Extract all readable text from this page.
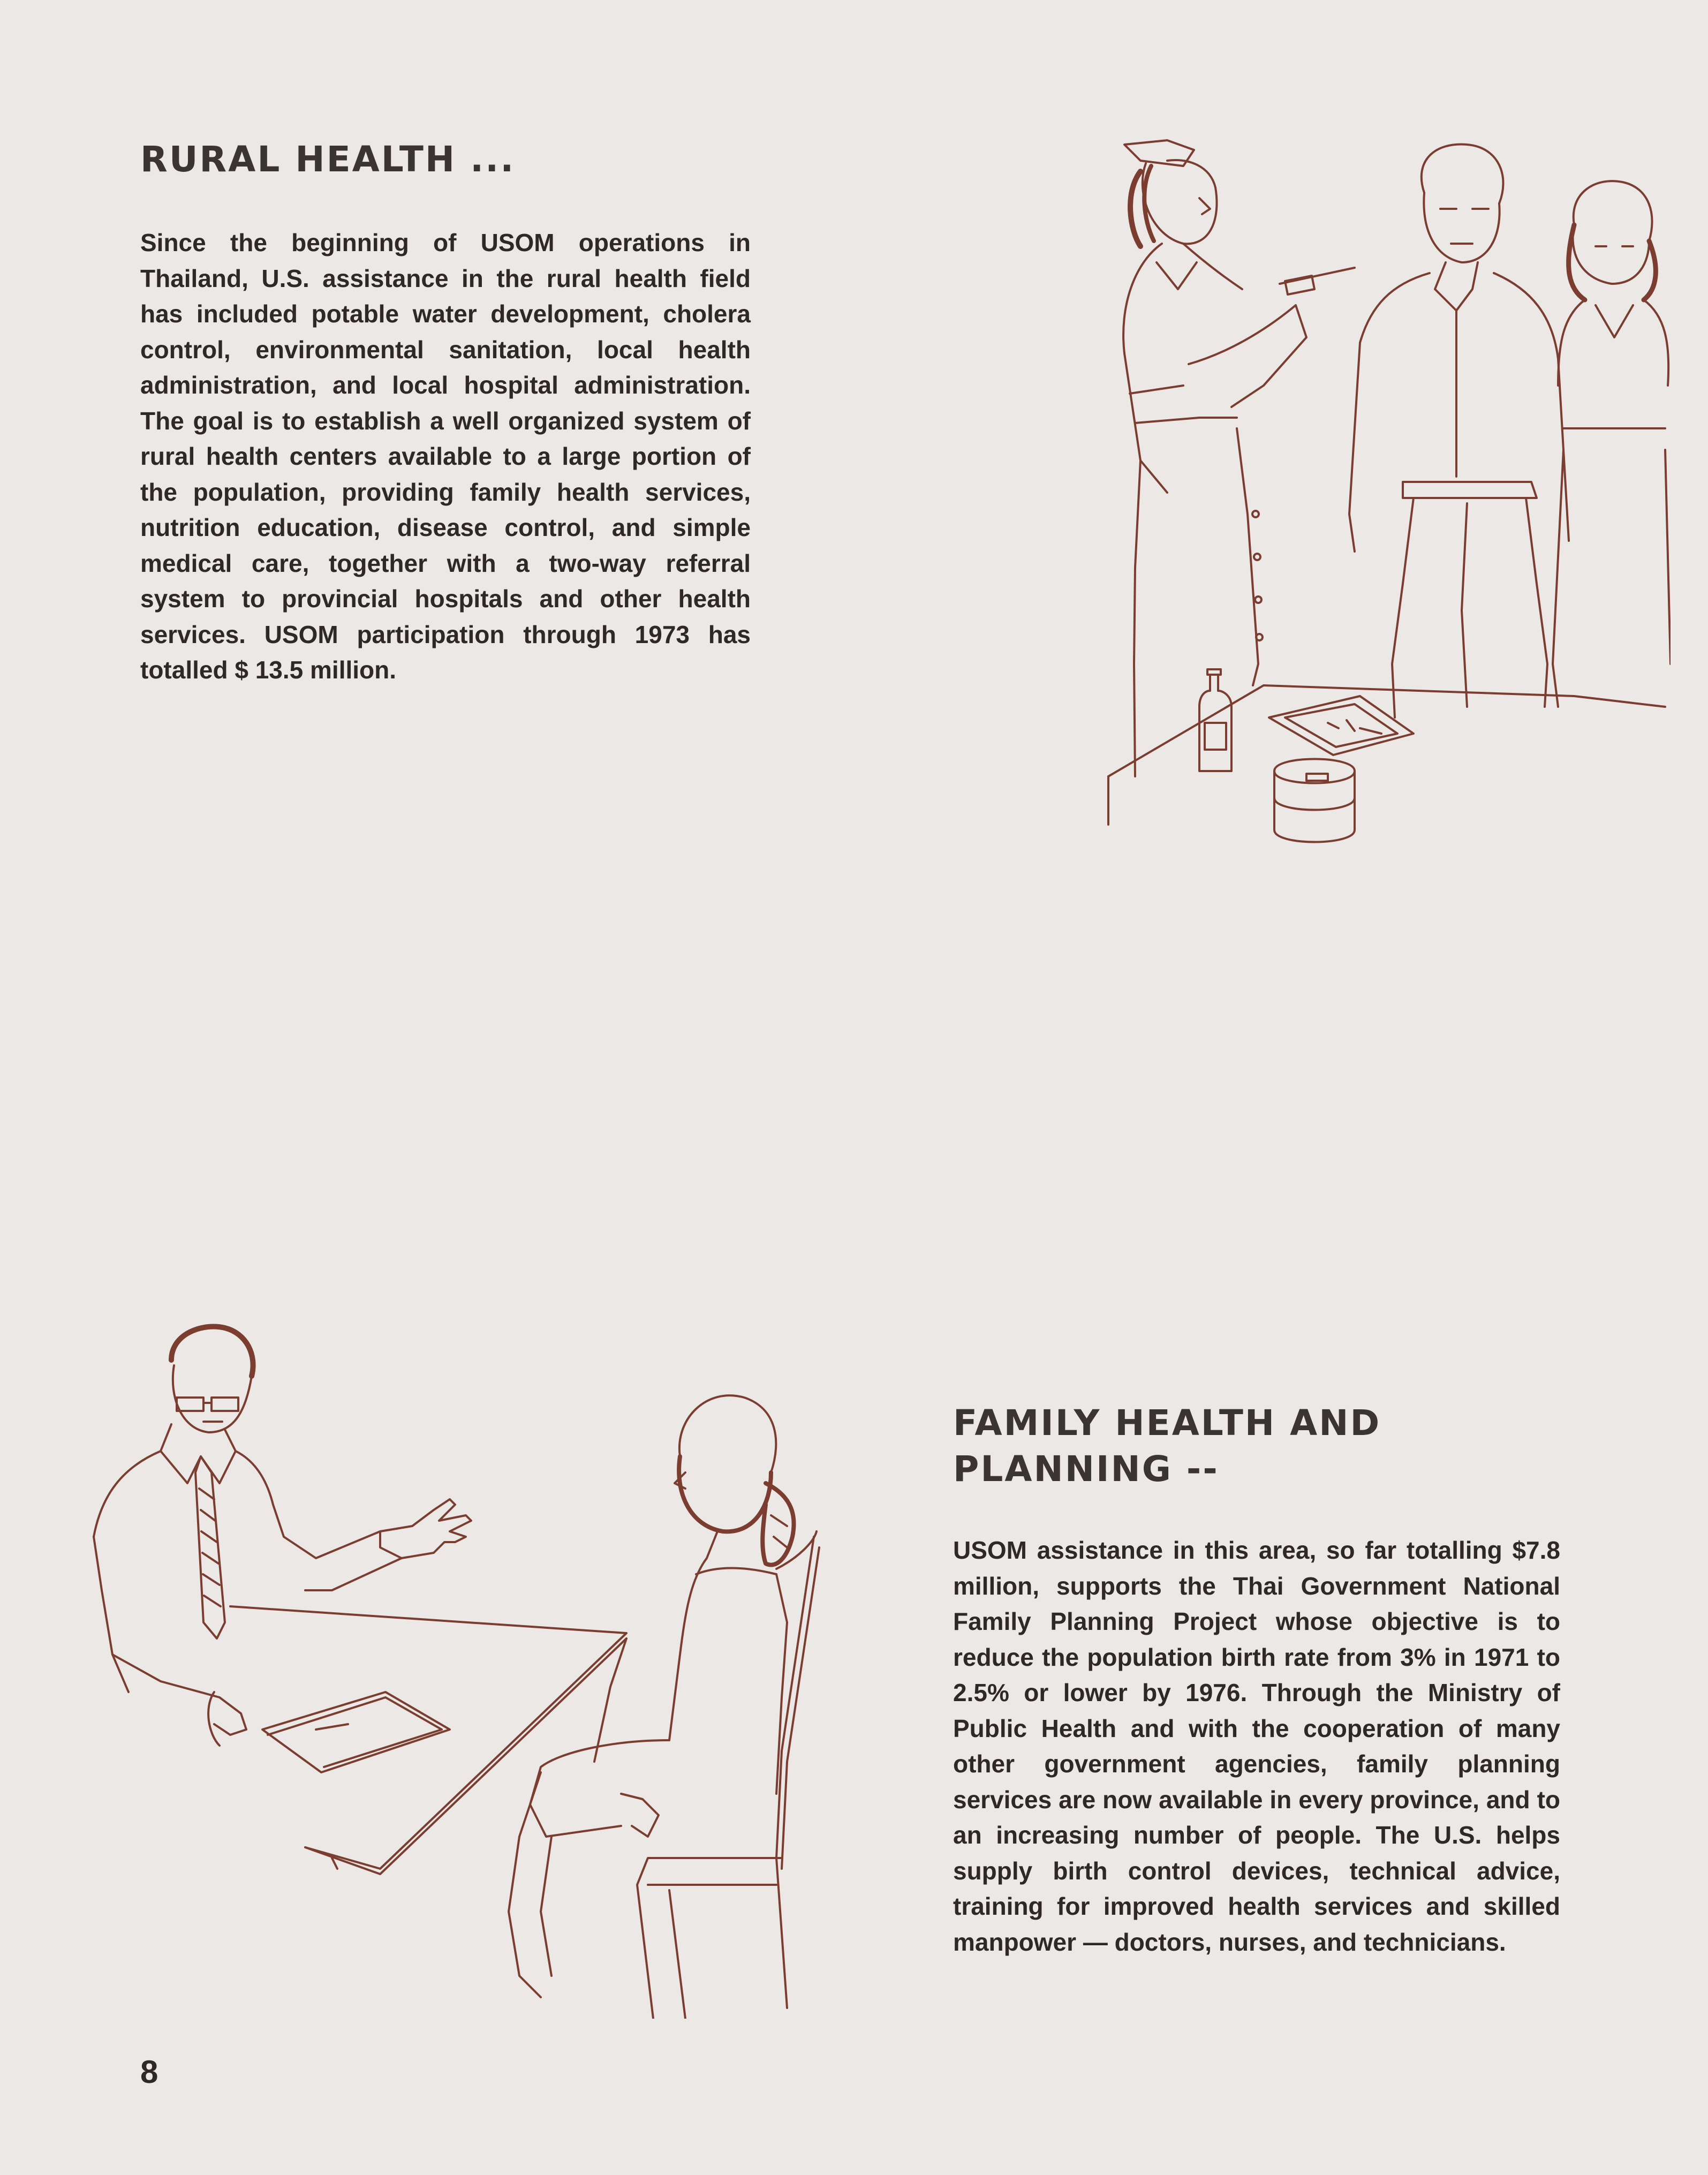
RURAL HEALTH ...

Since the beginning of USOM operations in Thailand, U.S. assistance in the rural health field has included potable water development, cholera control, environmental sanitation, local health administration, and local hospital administration. The goal is to establish a well organized system of rural health centers available to a large portion of the population, providing family health services, nutrition education, disease control, and simple medical care, together with a two-way referral system to provincial hospitals and other health services. USOM participation through 1973 has totalled $ 13.5 million.

FAMILY HEALTH AND
PLANNING --

USOM assistance in this area, so far totalling $7.8 million, supports the Thai Government National Family Planning Project whose objective is to reduce the population birth rate from 3% in 1971 to 2.5% or lower by 1976. Through the Ministry of Public Health and with the cooperation of many other government agencies, family planning services are now available in every province, and to an increasing number of people. The U.S. helps supply birth control devices, technical advice, training for improved health services and skilled manpower — doctors, nurses, and technicians.

8
